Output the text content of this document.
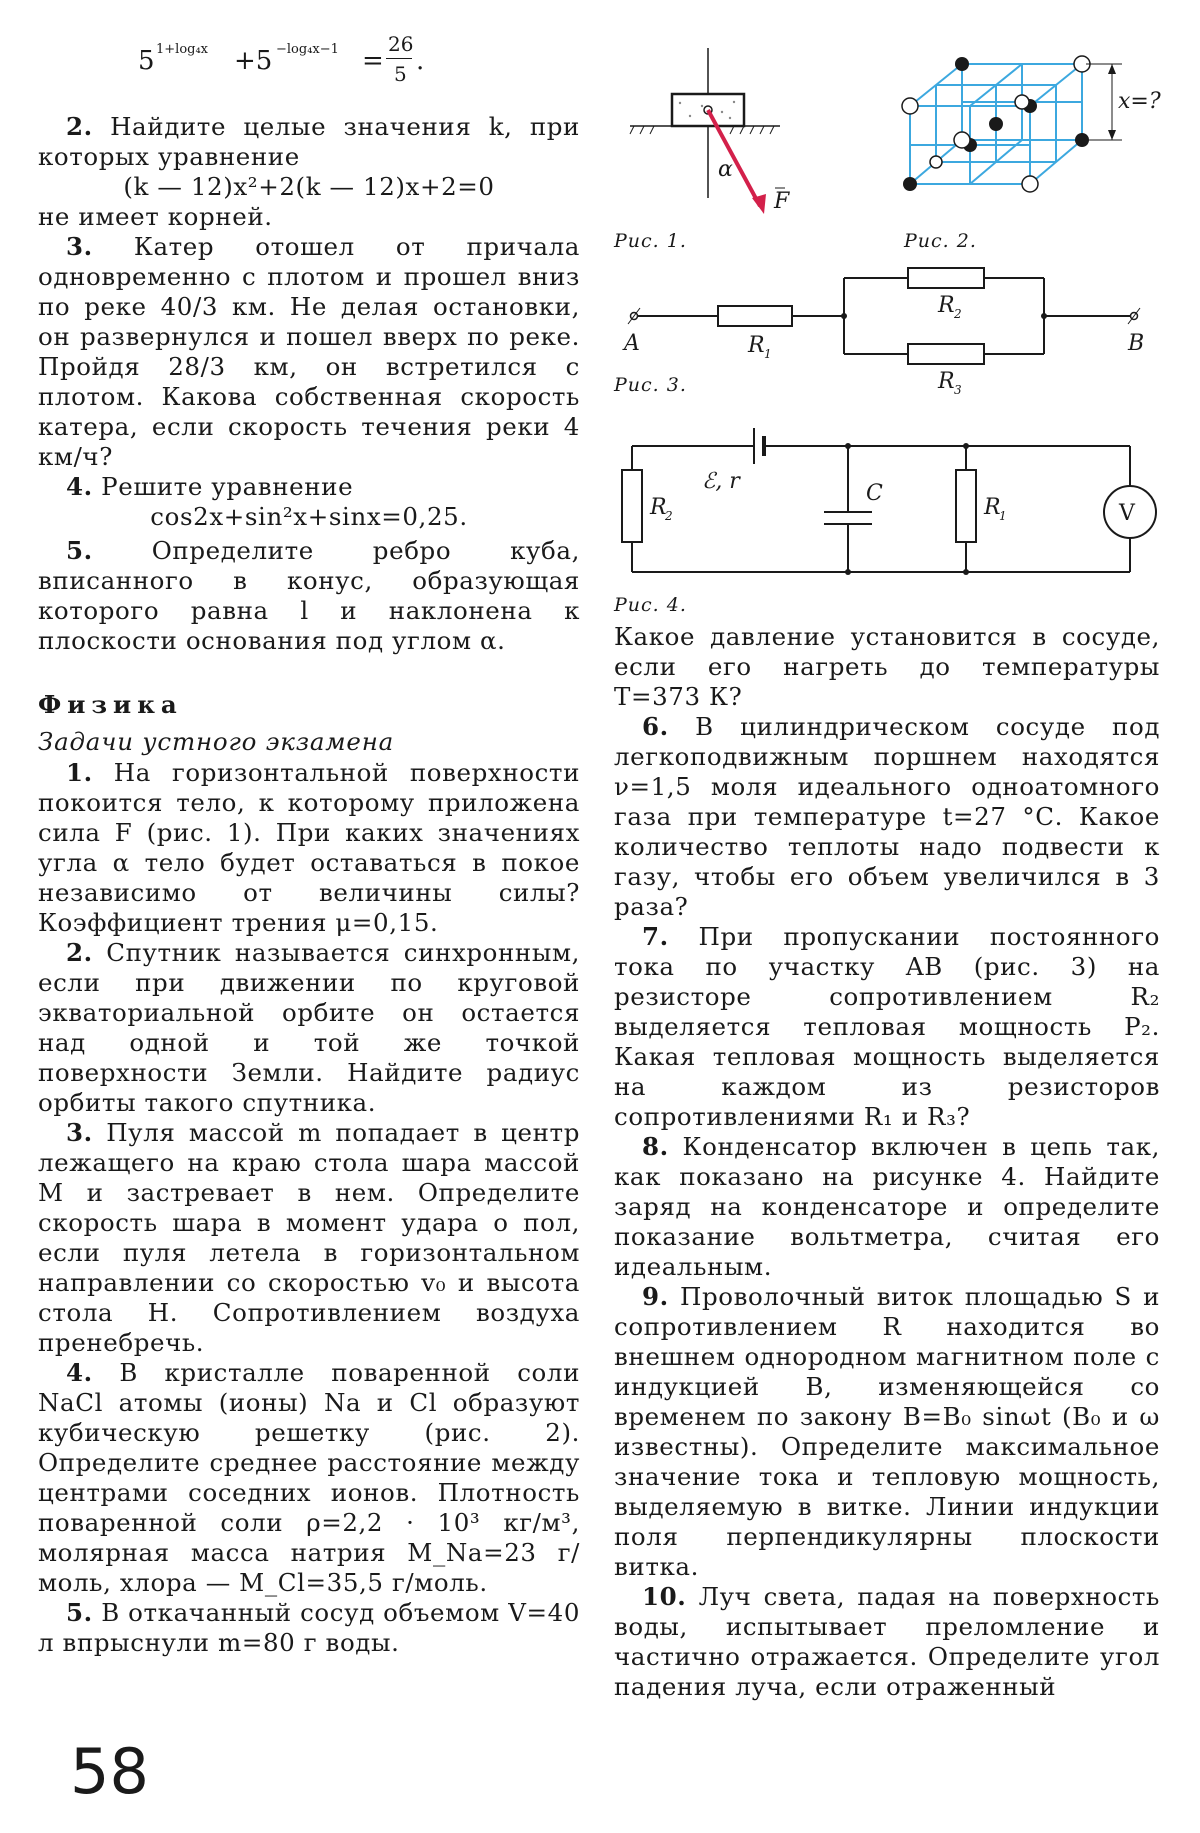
5 1+log₄x +5 −log₄x−1 =
26
5 .

2. Найдите целые значения k, при которых уравнение

(k — 12)x²+2(k — 12)x+2=0

не имеет корней.

3. Катер отошел от причала одновременно с плотом и прошел вниз по реке 40/3 км. Не делая остановки, он развернулся и пошел вверх по реке. Пройдя 28/3 км, он встретился с плотом. Какова собственная скорость катера, если скорость течения реки 4 км/ч?

4. Решите уравнение

cos2x+sin²x+sinx=0,25.

5. Определите ребро куба, вписанного в конус, образующая которого равна l и наклонена к плоскости основания под углом α.

Физика
Задачи устного экзамена

1. На горизонтальной поверхности покоится тело, к которому приложена сила F (рис. 1). При каких значениях угла α тело будет оставаться в покое независимо от величины силы? Коэффициент трения μ=0,15.

2. Спутник называется синхронным, если при движении по круговой экваториальной орбите он остается над одной и той же точкой поверхности Земли. Найдите радиус орбиты такого спутника.

3. Пуля массой m попадает в центр лежащего на краю стола шара массой M и застревает в нем. Определите скорость шара в момент удара о пол, если пуля летела в горизонтальном направлении со скоростью v₀ и высота стола H. Сопротивлением воздуха пренебречь.

4. В кристалле поваренной соли NaCl атомы (ионы) Na и Cl образуют кубическую решетку (рис. 2). Определите среднее расстояние между центрами соседних ионов. Плотность поваренной соли ρ=2,2 · 10³ кг/м³, молярная масса натрия M_Na=23 г/моль, хлора — M_Cl=35,5 г/моль.

5. В откачанный сосуд объемом V=40 л впрыснули m=80 г воды.

58
α
F
Рис. 1.
x=?
Рис. 2.
A	B
R 1
R 2
R 3
Рис. 3.
ℰ, r	C
R
2	R
1	V
Рис. 4.

Какое давление установится в сосуде, если его нагреть до температуры T=373 К?

6. В цилиндрическом сосуде под легкоподвижным поршнем находятся ν=1,5 моля идеального одноатомного газа при температуре t=27 °С. Какое количество теплоты надо подвести к газу, чтобы его объем увеличился в 3 раза?

7. При пропускании постоянного тока по участку AB (рис. 3) на резисторе сопротивлением R₂ выделяется тепловая мощность P₂. Какая тепловая мощность выделяется на каждом из резисторов сопротивлениями R₁ и R₃?

8. Конденсатор включен в цепь так, как показано на рисунке 4. Найдите заряд на конденсаторе и определите показание вольтметра, считая его идеальным.

9. Проволочный виток площадью S и сопротивлением R находится во внешнем однородном магнитном поле с индукцией B, изменяющейся со временем по закону B=B₀ sinωt (B₀ и ω известны). Определите максимальное значение тока и тепловую мощность, выделяемую в витке. Линии индукции поля перпендикулярны плоскости витка.

10. Луч света, падая на поверхность воды, испытывает преломление и частично отражается. Определите угол падения луча, если отраженный
